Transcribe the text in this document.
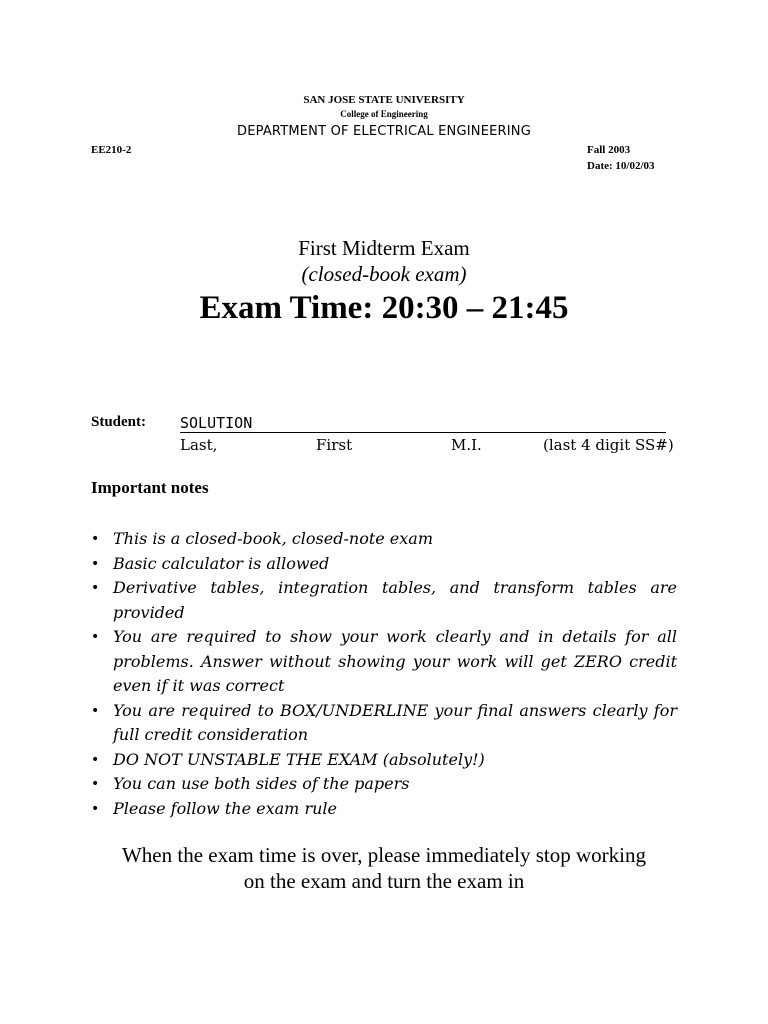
SAN JOSE STATE UNIVERSITY
College of Engineering
DEPARTMENT OF ELECTRICAL ENGINEERING
EE210-2	Fall 2003
Date: 10/02/03
First Midterm Exam
(closed-book exam)
Exam Time: 20:30 – 21:45
Student: SOLUTION
Last,	First	M.I.	(last 4 digit SS#)
Important notes
• This is a closed-book, closed-note exam
• Basic calculator is allowed
• Derivative tables, integration tables, and transform tables are provided
• You are required to show your work clearly and in details for all problems. Answer without showing your work will get ZERO credit even if it was correct
• You are required to BOX/UNDERLINE your final answers clearly for full credit consideration
• DO NOT UNSTABLE THE EXAM (absolutely!)
• You can use both sides of the papers
• Please follow the exam rule
When the exam time is over, please immediately stop working
on the exam and turn the exam in
